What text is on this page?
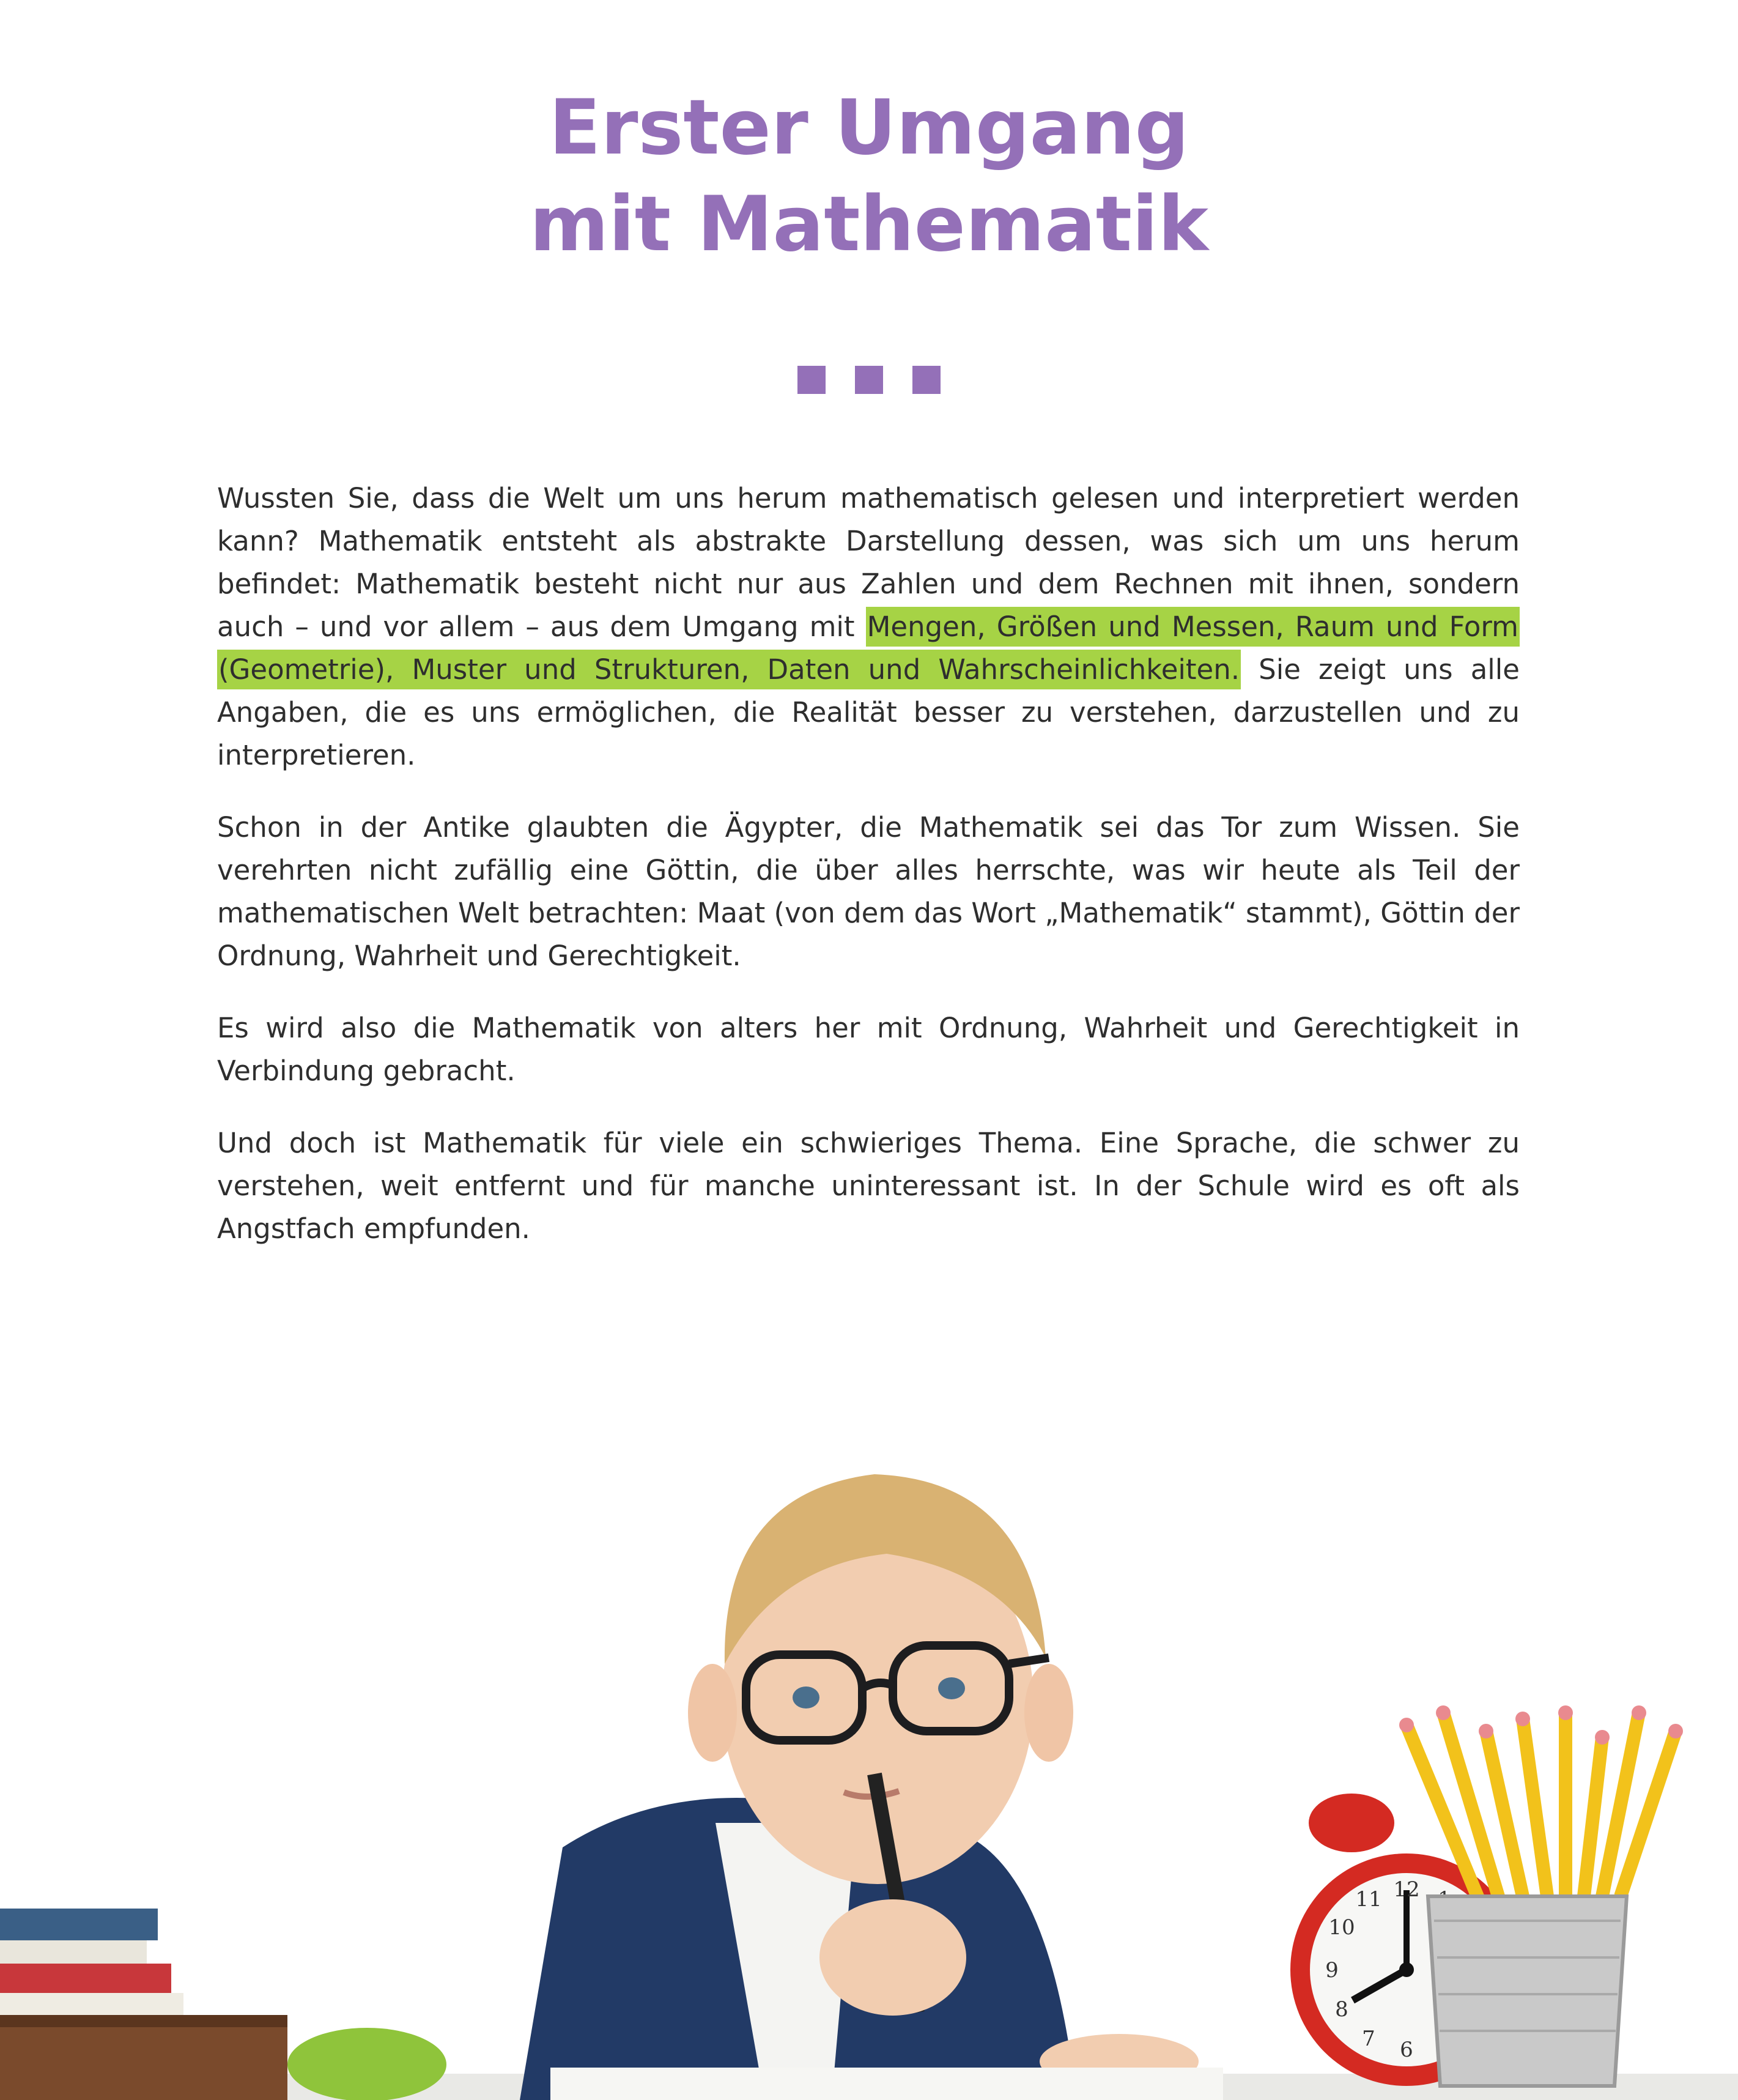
Erster Umgang
mit Mathematik

Wussten Sie, dass die Welt um uns herum mathematisch gelesen und interpretiert werden kann? Mathematik entsteht als abstrakte Darstellung dessen, was sich um uns herum befindet: Mathematik besteht nicht nur aus Zahlen und dem Rechnen mit ihnen, sondern auch – und vor allem – aus dem Umgang mit Mengen, Größen und Messen, Raum und Form (Geometrie), Muster und Strukturen, Daten und Wahrscheinlichkeiten. Sie zeigt uns alle Angaben, die es uns ermöglichen, die Realität besser zu verstehen, darzustellen und zu interpretieren.

Schon in der Antike glaubten die Ägypter, die Mathematik sei das Tor zum Wissen. Sie verehrten nicht zufällig eine Göttin, die über alles herrschte, was wir heute als Teil der mathematischen Welt betrachten: Maat (von dem das Wort „Mathematik“ stammt), Göttin der Ordnung, Wahrheit und Gerechtigkeit.

Es wird also die Mathematik von alters her mit Ordnung, Wahrheit und Gerechtigkeit in Verbindung gebracht.

Und doch ist Mathematik für viele ein schwieriges Thema. Eine Sprache, die schwer zu verstehen, weit entfernt und für manche uninteressant ist. In der Schule wird es oft als Angstfach empfunden.

12
6
7
8
9
10
11
